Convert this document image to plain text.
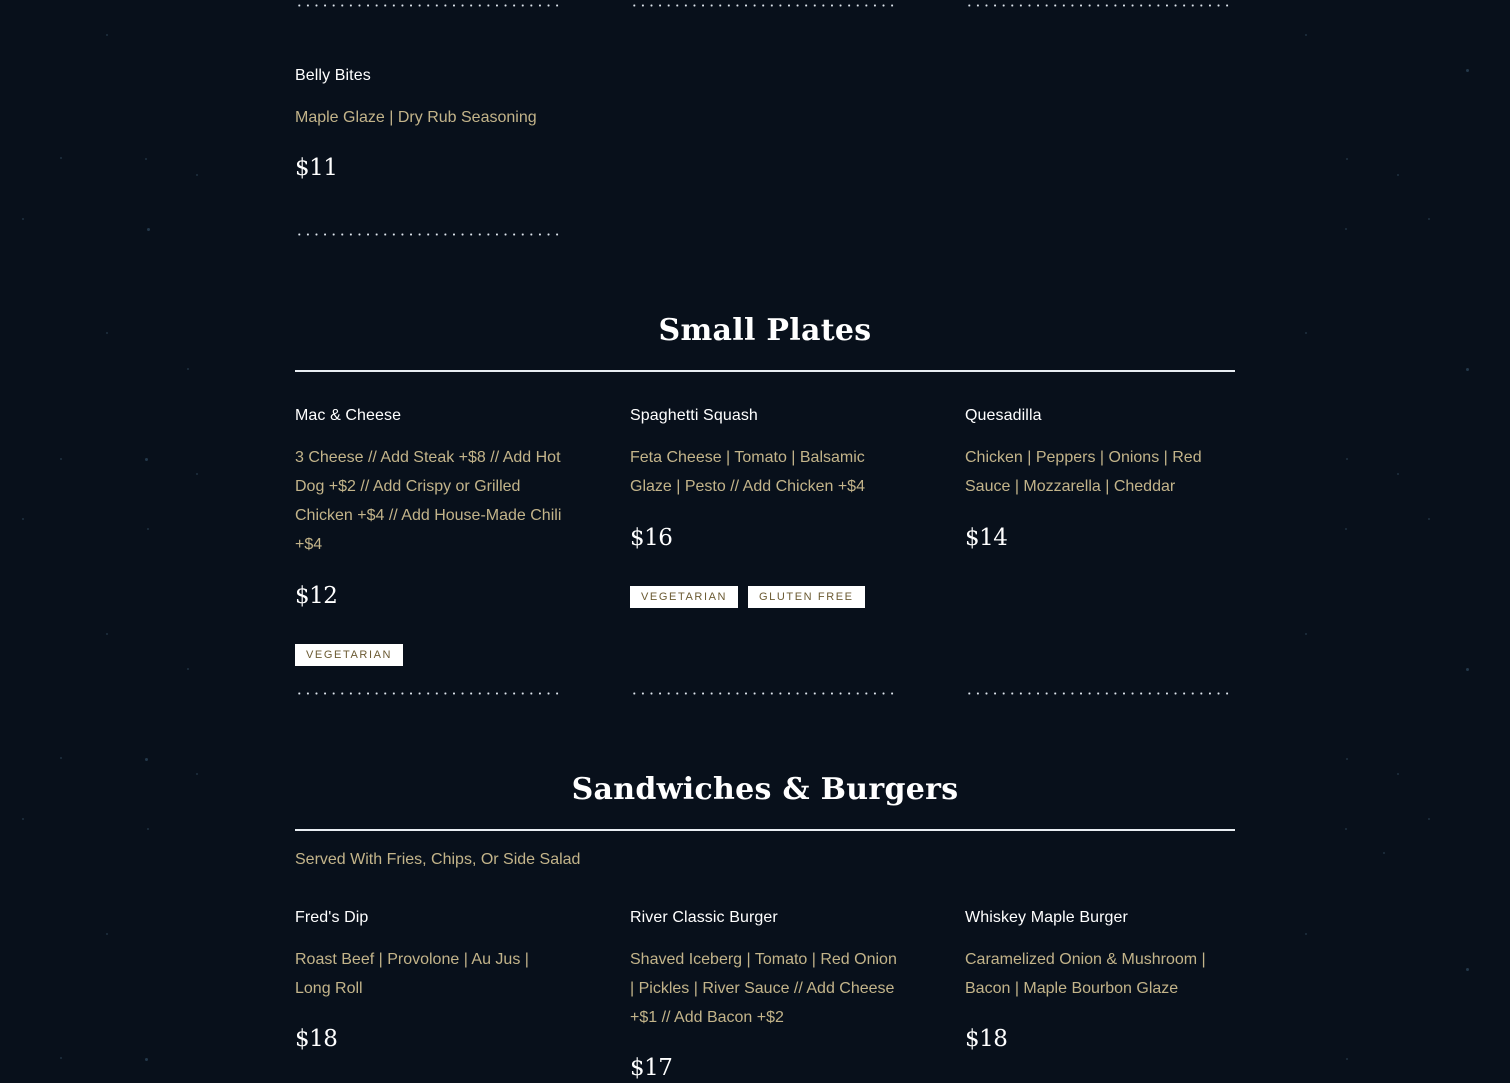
Belly Bites
Maple Glaze | Dry Rub Seasoning
$11
Small Plates
Mac & Cheese
3 Cheese // Add Steak +$8 // Add Hot Dog +$2 // Add Crispy or Grilled Chicken +$4 // Add House-Made Chili +$4
$12
VEGETARIAN
Spaghetti Squash
Feta Cheese | Tomato | Balsamic Glaze | Pesto // Add Chicken +$4
$16
VEGETARIAN	GLUTEN FREE
Quesadilla
Chicken | Peppers | Onions | Red Sauce | Mozzarella | Cheddar
$14
Sandwiches & Burgers
Served With Fries, Chips, Or Side Salad
Fred's Dip
Roast Beef | Provolone | Au Jus | Long Roll
$18
River Classic Burger
Shaved Iceberg | Tomato | Red Onion | Pickles | River Sauce // Add Cheese +$1 // Add Bacon +$2
$17
Whiskey Maple Burger
Caramelized Onion & Mushroom | Bacon | Maple Bourbon Glaze
$18
